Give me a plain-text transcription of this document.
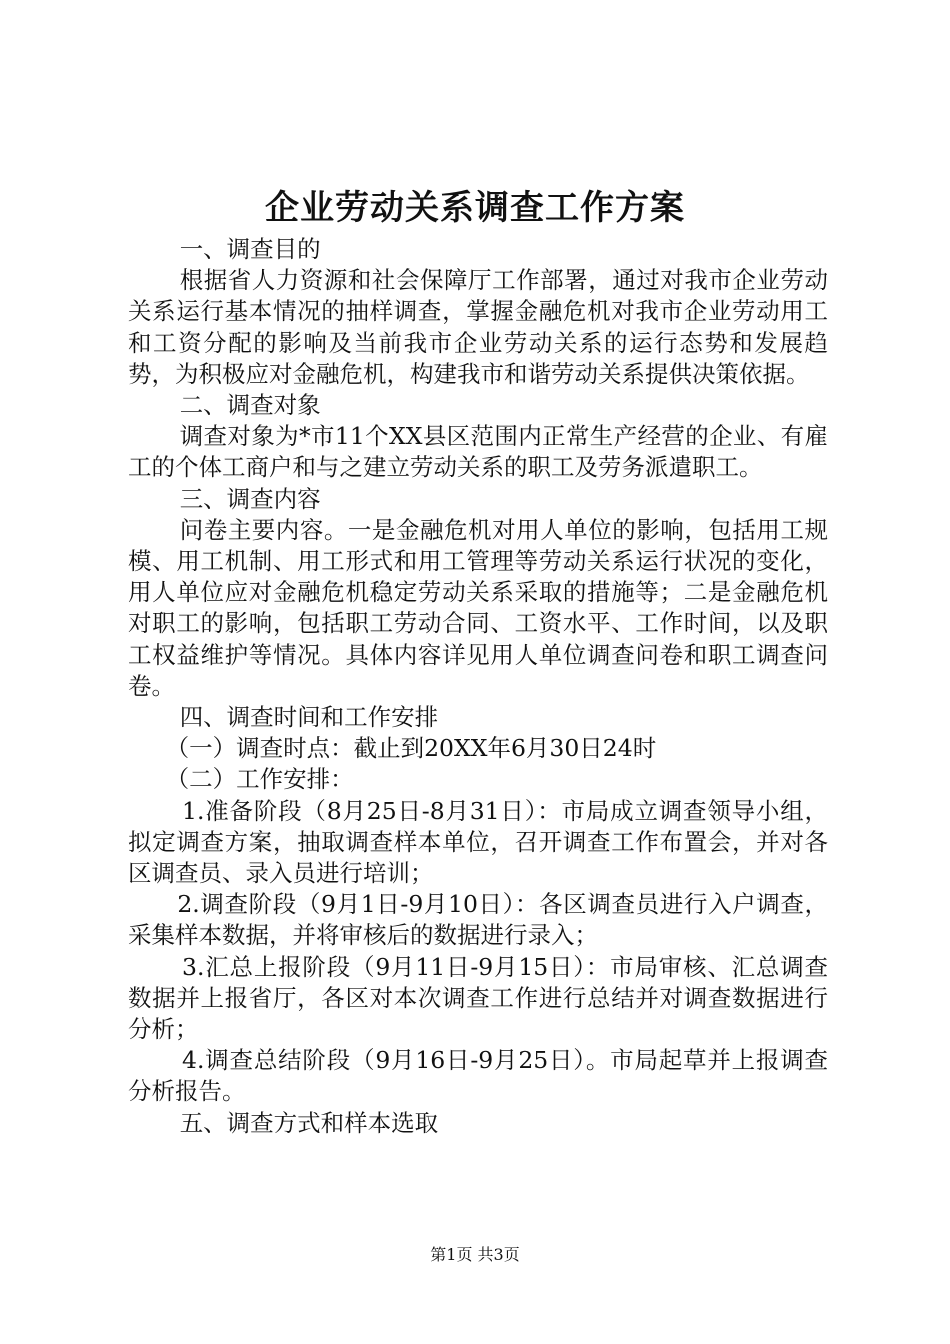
企业劳动关系调查工作方案

一、调查目的

根据省人力资源和社会保障厅工作部署，通过对我市企业劳动关系运行基本情况的抽样调查，掌握金融危机对我市企业劳动用工和工资分配的影响及当前我市企业劳动关系的运行态势和发展趋势，为积极应对金融危机，构建我市和谐劳动关系提供决策依据。

二、调查对象

调查对象为*市11个XX县区范围内正常生产经营的企业、有雇工的个体工商户和与之建立劳动关系的职工及劳务派遣职工。

三、调查内容

问卷主要内容。一是金融危机对用人单位的影响，包括用工规模、用工机制、用工形式和用工管理等劳动关系运行状况的变化，用人单位应对金融危机稳定劳动关系采取的措施等；二是金融危机对职工的影响，包括职工劳动合同、工资水平、工作时间，以及职工权益维护等情况。具体内容详见用人单位调查问卷和职工调查问卷。

四、调查时间和工作安排

（一）调查时点：截止到20XX年6月30日24时

（二）工作安排：

1.准备阶段（8月25日-8月31日）：市局成立调查领导小组，拟定调查方案，抽取调查样本单位，召开调查工作布置会，并对各区调查员、录入员进行培训；

2.调查阶段（9月1日-9月10日）：各区调查员进行入户调查，采集样本数据，并将审核后的数据进行录入；

3.汇总上报阶段（9月11日-9月15日）：市局审核、汇总调查数据并上报省厅，各区对本次调查工作进行总结并对调查数据进行分析；

4.调查总结阶段（9月16日-9月25日）。市局起草并上报调查分析报告。

五、调查方式和样本选取

第1页 共3页
